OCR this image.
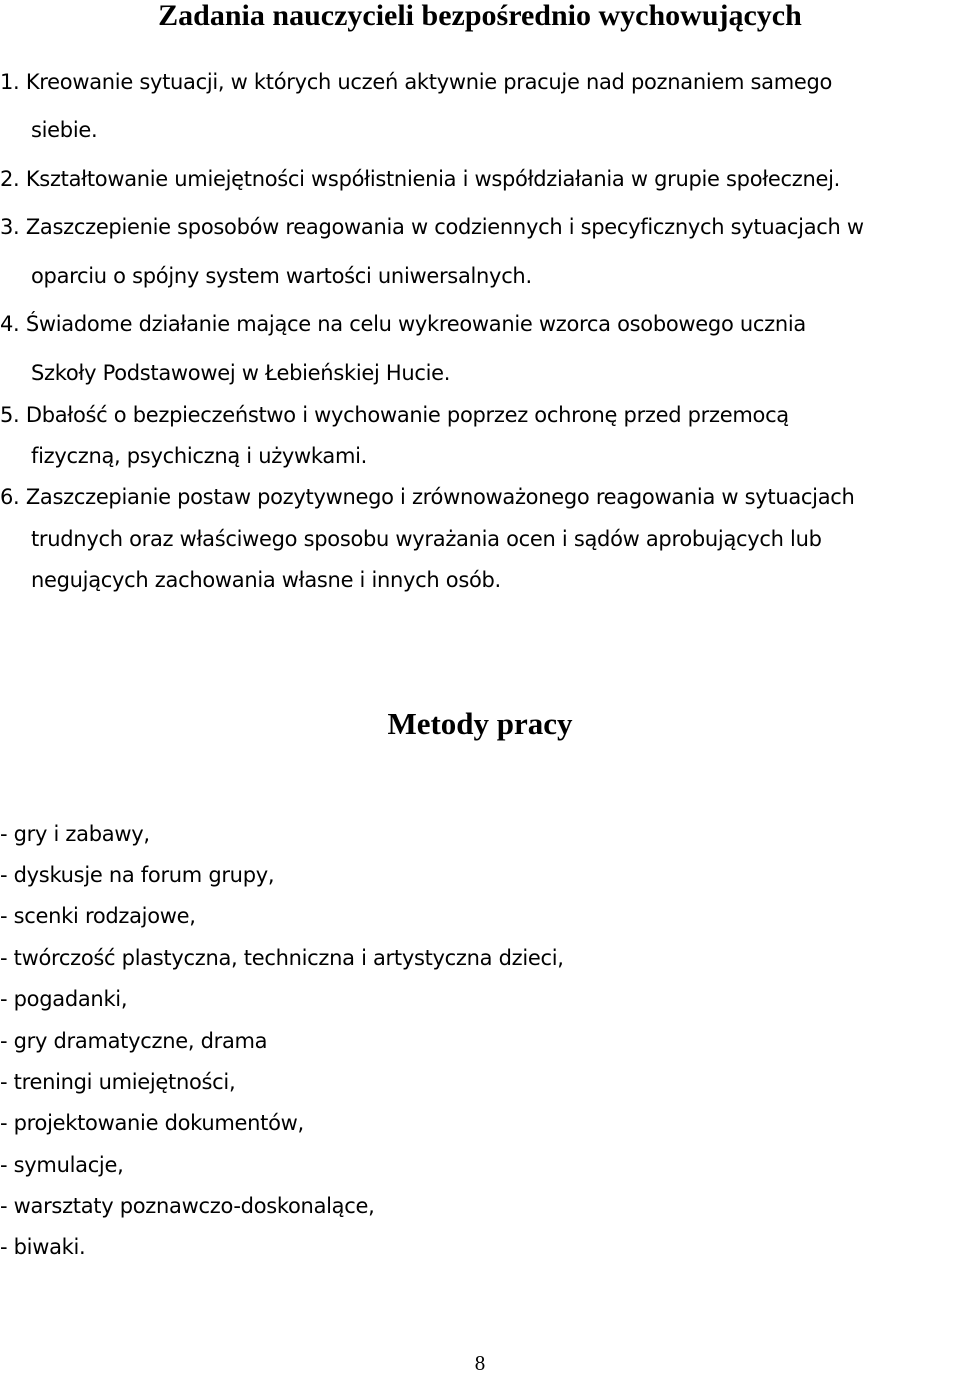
Zadania nauczycieli bezpośrednio wychowujących
1. Kreowanie sytuacji, w których uczeń aktywnie pracuje nad poznaniem samego
siebie.
2. Kształtowanie umiejętności współistnienia i współdziałania w grupie społecznej.
3. Zaszczepienie sposobów reagowania w codziennych i specyficznych sytuacjach w
oparciu o spójny system wartości uniwersalnych.
4. Świadome działanie mające na celu wykreowanie wzorca osobowego ucznia
Szkoły Podstawowej w Łebieńskiej Hucie.
5. Dbałość o bezpieczeństwo i wychowanie poprzez ochronę przed przemocą
fizyczną, psychiczną i używkami.
6. Zaszczepianie postaw pozytywnego i zrównoważonego reagowania w sytuacjach
trudnych oraz właściwego sposobu wyrażania ocen i sądów aprobujących lub
negujących zachowania własne i innych osób.
Metody pracy
- gry i zabawy,
- dyskusje na forum grupy,
- scenki rodzajowe,
- twórczość plastyczna, techniczna i artystyczna dzieci,
- pogadanki,
- gry dramatyczne, drama
- treningi umiejętności,
- projektowanie dokumentów,
- symulacje,
- warsztaty poznawczo-doskonalące,
- biwaki.
8
